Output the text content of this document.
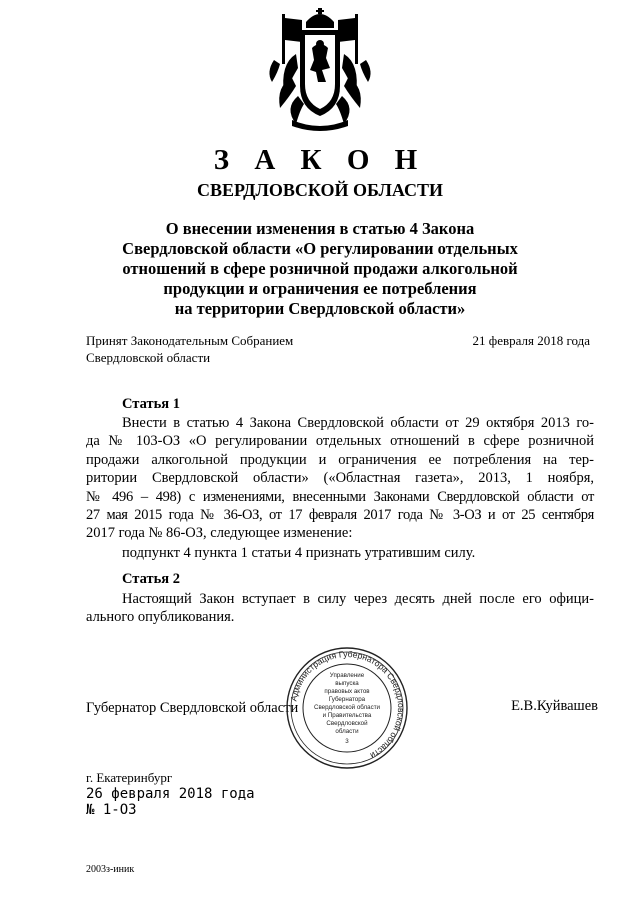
З А К О Н
СВЕРДЛОВСКОЙ ОБЛАСТИ
О внесении изменения в статью 4 Закона
Свердловской области «О регулировании отдельных
отношений в сфере розничной продажи алкогольной
продукции и ограничения ее потребления
на территории Свердловской области»
Принят Законодательным Собранием
Свердловской области
21 февраля 2018 года
Статья 1
Внести в статью 4 Закона Свердловской области от 29 октября 2013 го-
да № 103-ОЗ «О регулировании отдельных отношений в сфере розничной
продажи алкогольной продукции и ограничения ее потребления на тер-
ритории Свердловской области» («Областная газета», 2013, 1 ноября,
№ 496 – 498) с изменениями, внесенными Законами Свердловской области от
27 мая 2015 года № 36-ОЗ, от 17 февраля 2017 года № 3-ОЗ и от 25 сентября
2017 года № 86-ОЗ, следующее изменение:
подпункт 4 пункта 1 статьи 4 признать утратившим силу.
Статья 2
Настоящий Закон вступает в силу через десять дней после его офици-
ального опубликования.
Губернатор Свердловской области	Е.В.Куйвашев
Администрация Губернатора Свердловской области
Управление
выпуска
правовых актов
Губернатора
Свердловской области
и Правительства
Свердловской
области
3
г. Екатеринбург
26 февраля 2018 года
№ 1-ОЗ
2003з-иник
